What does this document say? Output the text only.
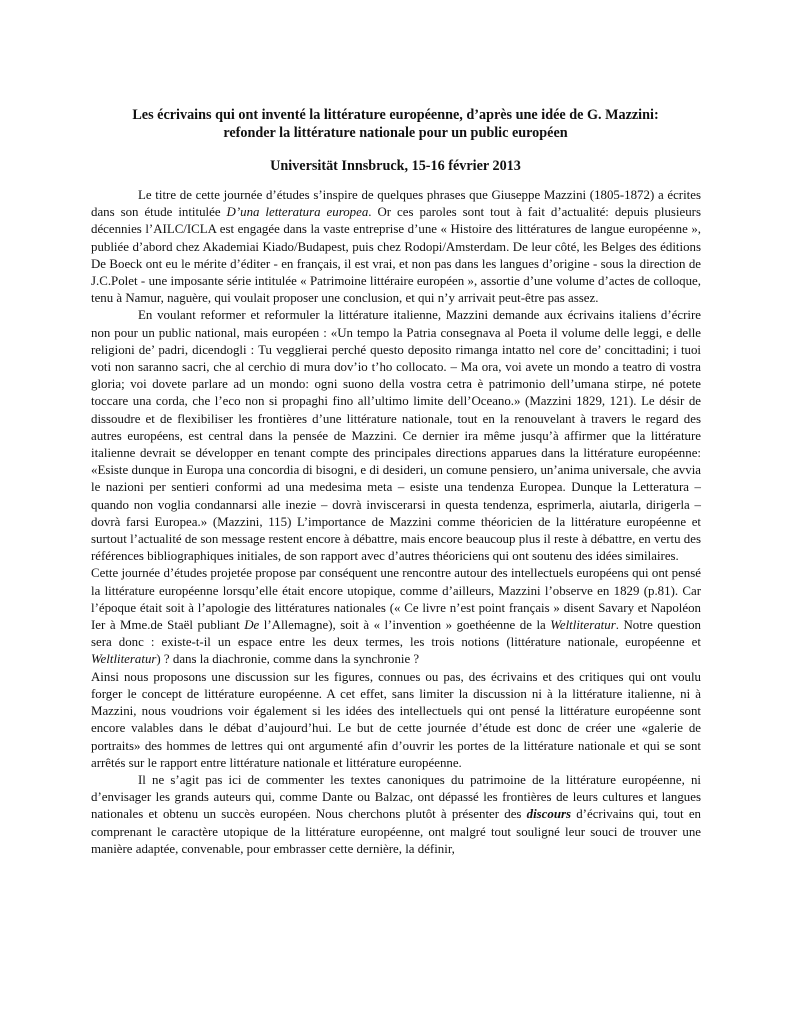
Les écrivains qui ont inventé la littérature européenne, d’après une idée de G. Mazzini:
refonder la littérature nationale pour un public européen

Universität Innsbruck, 15-16 février 2013

Le titre de cette journée d’études s’inspire de quelques phrases que Giuseppe Mazzini (1805-1872) a écrites dans son étude intitulée D’una letteratura europea. Or ces paroles sont tout à fait d’actualité: depuis plusieurs décennies l’AILC/ICLA est engagée dans la vaste entreprise d’une « Histoire des littératures de langue européenne », publiée d’abord chez Akademiai Kiado/Budapest, puis chez Rodopi/Amsterdam. De leur côté, les Belges des éditions De Boeck ont eu le mérite d’éditer - en français, il est vrai, et non pas dans les langues d’origine - sous la direction de J.C.Polet - une imposante série intitulée « Patrimoine littéraire européen », assortie d’une volume d’actes de colloque, tenu à Namur, naguère, qui voulait proposer une conclusion, et qui n’y arrivait peut-être pas assez.

En voulant reformer et reformuler la littérature italienne, Mazzini demande aux écrivains italiens d’écrire non pour un public national, mais européen : «Un tempo la Patria consegnava al Poeta il volume delle leggi, e delle religioni de’ padri, dicendogli : Tu vegglierai perché questo deposito rimanga intatto nel core de’ concittadini; i tuoi voti non saranno sacri, che al cerchio di mura dov’io t’ho collocato. – Ma ora, voi avete un mondo a teatro di vostra gloria; voi dovete parlare ad un mondo: ogni suono della vostra cetra è patrimonio dell’umana stirpe, né potete toccare una corda, che l’eco non si propaghi fino all’ultimo limite dell’Oceano.» (Mazzini 1829, 121). Le désir de dissoudre et de flexibiliser les frontières d’une littérature nationale, tout en la renouvelant à travers le regard des autres européens, est central dans la pensée de Mazzini. Ce dernier ira même jusqu’à affirmer que la littérature italienne devrait se développer en tenant compte des principales directions apparues dans la littérature européenne: «Esiste dunque in Europa una concordia di bisogni, e di desideri, un comune pensiero, un’anima universale, che avvia le nazioni per sentieri conformi ad una medesima meta – esiste una tendenza Europea. Dunque la Letteratura – quando non voglia condannarsi alle inezie – dovrà inviscerarsi in questa tendenza, esprimerla, aiutarla, dirigerla – dovrà farsi Europea.» (Mazzini, 115) L’importance de Mazzini comme théoricien de la littérature européenne et surtout l’actualité de son message restent encore à débattre, mais encore beaucoup plus il reste à débattre, en vertu des références bibliographiques initiales, de son rapport avec d’autres théoriciens qui ont soutenu des idées similaires.

Cette journée d’études projetée propose par conséquent une rencontre autour des intellectuels européens qui ont pensé la littérature européenne lorsqu’elle était encore utopique, comme d’ailleurs, Mazzini l’observe en 1829 (p.81). Car l’époque était soit à l’apologie des littératures nationales (« Ce livre n’est point français » disent Savary et Napoléon Ier à Mme.de Staël publiant De l’Allemagne), soit à « l’invention » goethéenne de la Weltliteratur. Notre question sera donc : existe-t-il un espace entre les deux termes, les trois notions (littérature nationale, européenne et Weltliteratur) ? dans la diachronie, comme dans la synchronie ?

Ainsi nous proposons une discussion sur les figures, connues ou pas, des écrivains et des critiques qui ont voulu forger le concept de littérature européenne. A cet effet, sans limiter la discussion ni à la littérature italienne, ni à Mazzini, nous voudrions voir également si les idées des intellectuels qui ont pensé la littérature européenne sont encore valables dans le débat d’aujourd’hui. Le but de cette journée d’étude est donc de créer une «galerie de portraits» des hommes de lettres qui ont argumenté afin d’ouvrir les portes de la littérature nationale et qui se sont arrêtés sur le rapport entre littérature nationale et littérature européenne.

Il ne s’agit pas ici de commenter les textes canoniques du patrimoine de la littérature européenne, ni d’envisager les grands auteurs qui, comme Dante ou Balzac, ont dépassé les frontières de leurs cultures et langues nationales et obtenu un succès européen. Nous cherchons plutôt à présenter des discours d’écrivains qui, tout en comprenant le caractère utopique de la littérature européenne, ont malgré tout souligné leur souci de trouver une manière adaptée, convenable, pour embrasser cette dernière, la définir,
